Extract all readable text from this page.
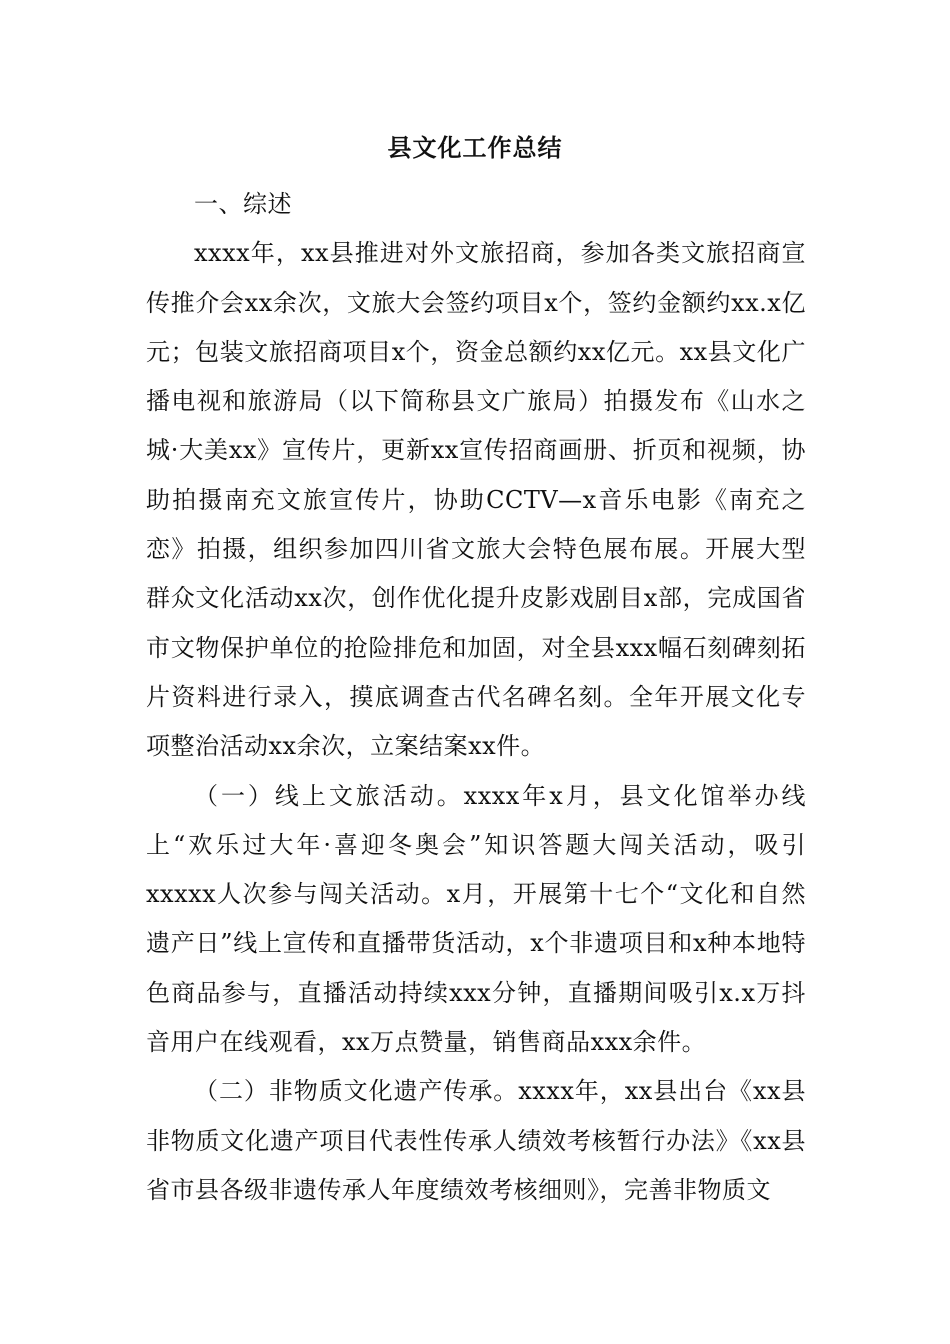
县文化工作总结

一、综述

xxxx年，xx县推进对外文旅招商，参加各类文旅招商宣传推介会xx余次，文旅大会签约项目x个，签约金额约xx.x亿元；包装文旅招商项目x个，资金总额约xx亿元。xx县文化广播电视和旅游局（以下简称县文广旅局）拍摄发布《山水之城·大美xx》宣传片，更新xx宣传招商画册、折页和视频，协助拍摄南充文旅宣传片，协助CCTV—x音乐电影《南充之恋》拍摄，组织参加四川省文旅大会特色展布展。开展大型群众文化活动xx次，创作优化提升皮影戏剧目x部，完成国省市文物保护单位的抢险排危和加固，对全县xxx幅石刻碑刻拓片资料进行录入，摸底调查古代名碑名刻。全年开展文化专项整治活动xx余次，立案结案xx件。

（一）线上文旅活动。xxxx年x月，县文化馆举办线上“欢乐过大年·喜迎冬奥会”知识答题大闯关活动，吸引xxxxx人次参与闯关活动。x月，开展第十七个“文化和自然遗产日”线上宣传和直播带货活动，x个非遗项目和x种本地特色商品参与，直播活动持续xxx分钟，直播期间吸引x.x万抖音用户在线观看，xx万点赞量，销售商品xxx余件。

（二）非物质文化遗产传承。xxxx年，xx县出台《xx县非物质文化遗产项目代表性传承人绩效考核暂行办法》《xx县省市县各级非遗传承人年度绩效考核细则》，完善非物质文
